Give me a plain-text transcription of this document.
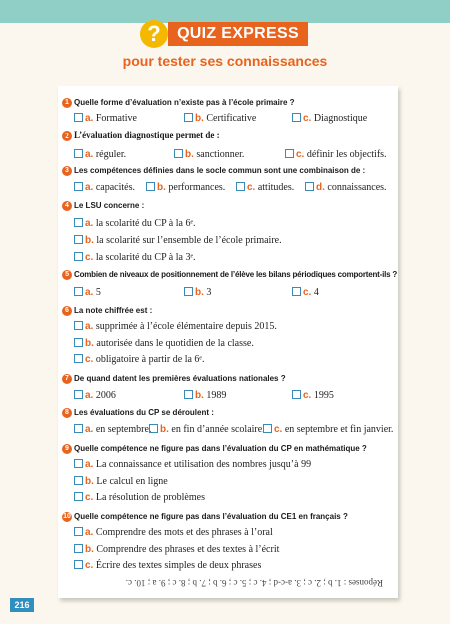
?	QUIZ EXPRESS
pour tester ses connaissances
1 Quelle forme d’évaluation n’existe pas à l’école primaire ?
a. Formative	b. Certificative	c. Diagnostique
2 L’évaluation diagnostique permet de :
a. réguler.	b. sanctionner.	c. définir les objectifs.
3 Les compétences définies dans le socle commun sont une combinaison de :
a. capacités.	b. performances.	c. attitudes.	d. connaissances.
4 Le LSU concerne :
a. la scolarité du CP à la 6ᵉ.
b. la scolarité sur l’ensemble de l’école primaire.
c. la scolarité du CP à la 3ᵉ.
5 Combien de niveaux de positionnement de l’élève les bilans périodiques comportent-ils ?
a. 5	b. 3	c. 4
6 La note chiffrée est :
a. supprimée à l’école élémentaire depuis 2015.
b. autorisée dans le quotidien de la classe.
c. obligatoire à partir de la 6ᵉ.
7 De quand datent les premières évaluations nationales ?
a. 2006	b. 1989	c. 1995
8 Les évaluations du CP se déroulent :
a. en septembre. b. en fin d’année scolaire. c. en septembre et fin janvier.
9 Quelle compétence ne figure pas dans l’évaluation du CP en mathématique ?
a. La connaissance et utilisation des nombres jusqu’à 99
b. Le calcul en ligne
c. La résolution de problèmes
10 Quelle compétence ne figure pas dans l’évaluation du CE1 en français ?
a. Comprendre des mots et des phrases à l’oral
b. Comprendre des phrases et des textes à l’écrit
c. Écrire des textes simples de deux phrases
Réponses : 1. b ; 2. c ; 3. a-c-d ; 4. c ; 5. c ; 6. b ; 7. b ; 8. c ; 9. a ; 10. c.
216
